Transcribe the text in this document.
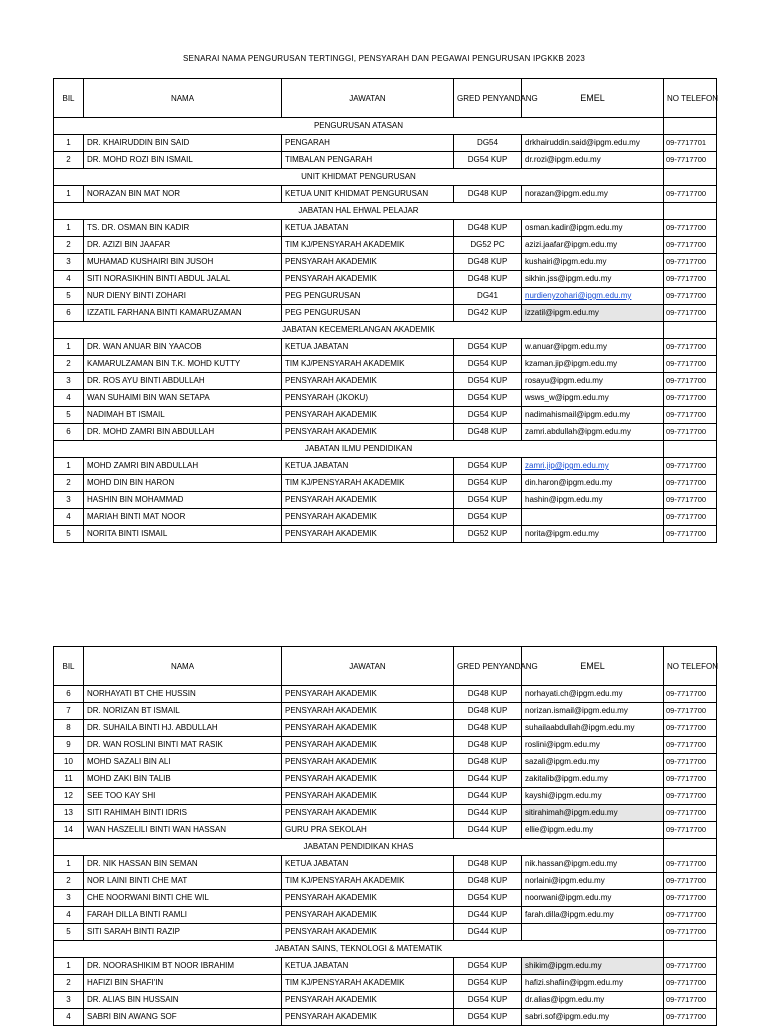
SENARAI NAMA PENGURUSAN TERTINGGI, PENSYARAH DAN PEGAWAI PENGURUSAN IPGKKB 2023
BIL	NAMA	JAWATAN	GRED PENYANDANG	EMEL	NO TELEFON
PENGURUSAN ATASAN					
1	DR. KHAIRUDDIN BIN SAID	PENGARAH	DG54	drkhairuddin.said@ipgm.edu.my	09-7717701
2	DR. MOHD ROZI BIN ISMAIL	TIMBALAN PENGARAH	DG54 KUP	dr.rozi@ipgm.edu.my	09-7717700
UNIT KHIDMAT PENGURUSAN					
1	NORAZAN BIN MAT NOR	KETUA UNIT KHIDMAT PENGURUSAN	DG48 KUP	norazan@ipgm.edu.my	09-7717700
JABATAN HAL EHWAL PELAJAR					
1	TS. DR. OSMAN BIN KADIR	KETUA JABATAN	DG48 KUP	osman.kadir@ipgm.edu.my	09-7717700
2	DR. AZIZI BIN JAAFAR	TIM KJ/PENSYARAH AKADEMIK	DG52 PC	azizi.jaafar@ipgm.edu.my	09-7717700
3	MUHAMAD KUSHAIRI BIN JUSOH	PENSYARAH AKADEMIK	DG48 KUP	kushairi@ipgm.edu.my	09-7717700
4	SITI NORASIKHIN BINTI ABDUL JALAL	PENSYARAH AKADEMIK	DG48 KUP	sikhin.jss@ipgm.edu.my	09-7717700
5	NUR DIENY BINTI ZOHARI	PEG PENGURUSAN	DG41	nurdienyzohari@ipgm.edu.my	09-7717700
6	IZZATIL FARHANA BINTI KAMARUZAMAN	PEG PENGURUSAN	DG42 KUP	izzatil@ipgm.edu.my	09-7717700
JABATAN KECEMERLANGAN AKADEMIK					
1	DR. WAN ANUAR BIN YAACOB	KETUA JABATAN	DG54 KUP	w.anuar@ipgm.edu.my	09-7717700
2	KAMARULZAMAN BIN T.K. MOHD KUTTY	TIM KJ/PENSYARAH AKADEMIK	DG54 KUP	kzaman.jip@ipgm.edu.my	09-7717700
3	DR. ROS AYU BINTI ABDULLAH	PENSYARAH AKADEMIK	DG54 KUP	rosayu@ipgm.edu.my	09-7717700
4	WAN SUHAIMI BIN WAN SETAPA	PENSYARAH (JKOKU)	DG54 KUP	wsws_w@ipgm.edu.my	09-7717700
5	NADIMAH BT ISMAIL	PENSYARAH AKADEMIK	DG54 KUP	nadimahismail@ipgm.edu.my	09-7717700
6	DR. MOHD ZAMRI BIN ABDULLAH	PENSYARAH AKADEMIK	DG48 KUP	zamri.abdullah@ipgm.edu.my	09-7717700
JABATAN ILMU PENDIDIKAN					
1	MOHD ZAMRI BIN ABDULLAH	KETUA JABATAN	DG54 KUP	zamri.jip@ipgm.edu.my	09-7717700
2	MOHD DIN BIN HARON	TIM KJ/PENSYARAH AKADEMIK	DG54 KUP	din.haron@ipgm.edu.my	09-7717700
3	HASHIN BIN MOHAMMAD	PENSYARAH AKADEMIK	DG54 KUP	hashin@ipgm.edu.my	09-7717700
4	MARIAH BINTI MAT NOOR	PENSYARAH AKADEMIK	DG54 KUP		09-7717700
5	NORITA BINTI ISMAIL	PENSYARAH AKADEMIK	DG52 KUP	norita@ipgm.edu.my	09-7717700
BIL	NAMA	JAWATAN	GRED PENYANDANG	EMEL	NO TELEFON
6	NORHAYATI BT CHE HUSSIN	PENSYARAH AKADEMIK	DG48 KUP	norhayati.ch@ipgm.edu.my	09-7717700
7	DR. NORIZAN BT ISMAIL	PENSYARAH AKADEMIK	DG48 KUP	norizan.ismail@ipgm.edu.my	09-7717700
8	DR. SUHAILA BINTI HJ. ABDULLAH	PENSYARAH AKADEMIK	DG48 KUP	suhailaabdullah@ipgm.edu.my	09-7717700
9	DR. WAN ROSLINI BINTI MAT RASIK	PENSYARAH AKADEMIK	DG48 KUP	roslini@ipgm.edu.my	09-7717700
10	MOHD SAZALI BIN ALI	PENSYARAH AKADEMIK	DG48 KUP	sazali@ipgm.edu.my	09-7717700
11	MOHD ZAKI BIN TALIB	PENSYARAH AKADEMIK	DG44 KUP	zakitalib@ipgm.edu.my	09-7717700
12	SEE TOO KAY SHI	PENSYARAH AKADEMIK	DG44 KUP	kayshi@ipgm.edu.my	09-7717700
13	SITI RAHIMAH BINTI IDRIS	PENSYARAH AKADEMIK	DG44 KUP	sitirahimah@ipgm.edu.my	09-7717700
14	WAN HASZELILI BINTI WAN HASSAN	GURU PRA SEKOLAH	DG44 KUP	ellie@ipgm.edu.my	09-7717700
JABATAN PENDIDIKAN KHAS					
1	DR. NIK HASSAN BIN SEMAN	KETUA JABATAN	DG48 KUP	nik.hassan@ipgm.edu.my	09-7717700
2	NOR LAINI BINTI CHE MAT	TIM KJ/PENSYARAH AKADEMIK	DG48 KUP	norlaini@ipgm.edu.my	09-7717700
3	CHE NOORWANI BINTI CHE WIL	PENSYARAH AKADEMIK	DG54 KUP	noorwani@ipgm.edu.my	09-7717700
4	FARAH DILLA BINTI RAMLI	PENSYARAH AKADEMIK	DG44 KUP	farah.dilla@ipgm.edu.my	09-7717700
5	SITI SARAH BINTI RAZIP	PENSYARAH AKADEMIK	DG44 KUP		09-7717700
JABATAN SAINS, TEKNOLOGI & MATEMATIK					
1	DR. NOORASHIKIM BT NOOR IBRAHIM	KETUA JABATAN	DG54 KUP	shikim@ipgm.edu.my	09-7717700
2	HAFIZI BIN SHAFI'IN	TIM KJ/PENSYARAH AKADEMIK	DG54 KUP	hafizi.shafiin@ipgm.edu.my	09-7717700
3	DR. ALIAS BIN HUSSAIN	PENSYARAH AKADEMIK	DG54 KUP	dr.alias@ipgm.edu.my	09-7717700
4	SABRI BIN AWANG SOF	PENSYARAH AKADEMIK	DG54 KUP	sabri.sof@ipgm.edu.my	09-7717700
